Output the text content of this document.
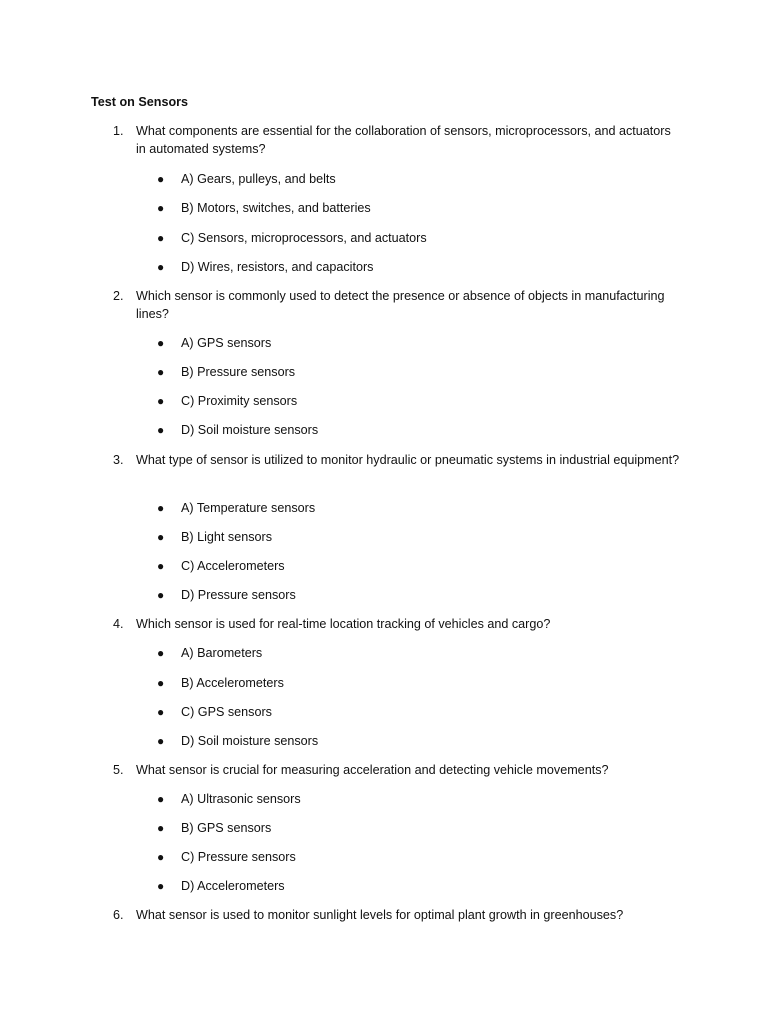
Test on Sensors
1. What components are essential for the collaboration of sensors, microprocessors, and actuators in automated systems?
● A) Gears, pulleys, and belts
● B) Motors, switches, and batteries
● C) Sensors, microprocessors, and actuators
● D) Wires, resistors, and capacitors
2. Which sensor is commonly used to detect the presence or absence of objects in manufacturing lines?
● A) GPS sensors
● B) Pressure sensors
● C) Proximity sensors
● D) Soil moisture sensors
3. What type of sensor is utilized to monitor hydraulic or pneumatic systems in industrial equipment?
● A) Temperature sensors
● B) Light sensors
● C) Accelerometers
● D) Pressure sensors
4. Which sensor is used for real-time location tracking of vehicles and cargo?
● A) Barometers
● B) Accelerometers
● C) GPS sensors
● D) Soil moisture sensors
5. What sensor is crucial for measuring acceleration and detecting vehicle movements?
● A) Ultrasonic sensors
● B) GPS sensors
● C) Pressure sensors
● D) Accelerometers
6. What sensor is used to monitor sunlight levels for optimal plant growth in greenhouses?
